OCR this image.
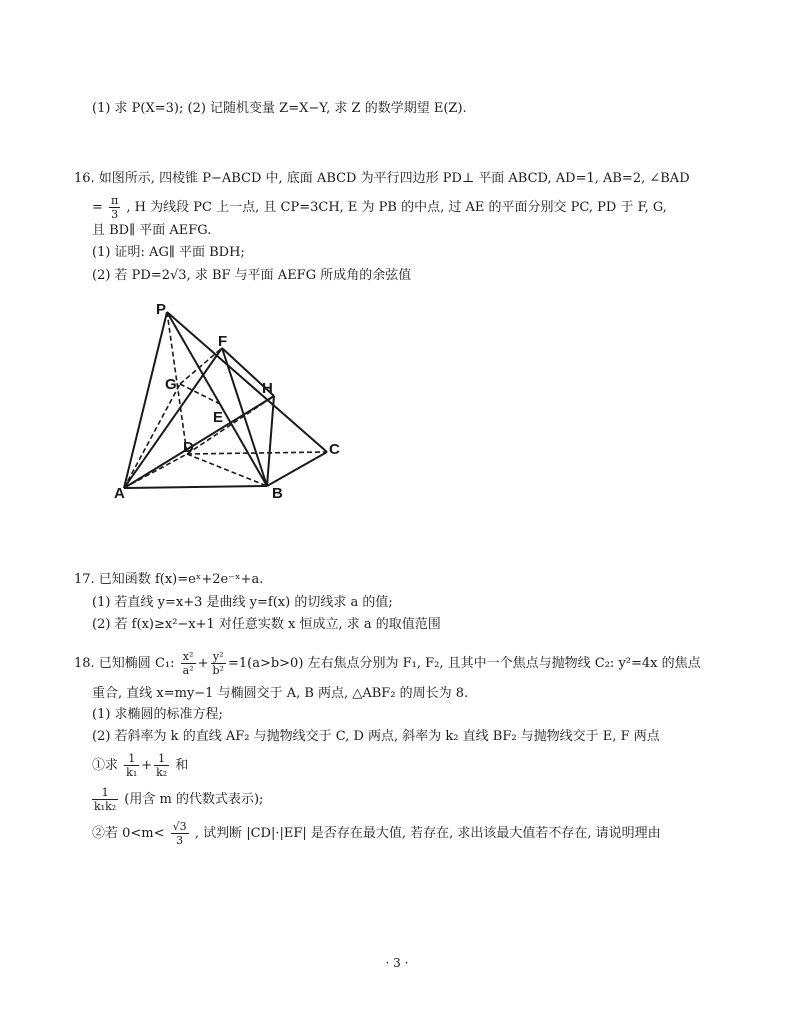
(1) 求 P(X=3); (2) 记随机变量 Z=X−Y, 求 Z 的数学期望 E(Z).
16. 如图所示, 四棱锥 P−ABCD 中, 底面 ABCD 为平行四边形 PD⊥ 平面 ABCD, AD=1, AB=2, ∠BAD
= $\frac{\pi}{3}$ , H 为线段 PC 上一点, 且 CP=3CH, E 为 PB 的中点, 过 AE 的平面分别交 PC, PD 于 F, G,
且 BD∥ 平面 AEFG.
(1) 证明: AG∥ 平面 BDH;
(2) 若 PD=2√3, 求 BF 与平面 AEFG 所成角的余弦值
P
F
G	H
E
D	C
A	B
17. 已知函数 f(x)=eˣ+2e⁻ˣ+a.
(1) 若直线 y=x+3 是曲线 y=f(x) 的切线求 a 的值;
(2) 若 f(x)≥x²−x+1 对任意实数 x 恒成立, 求 a 的取值范围
18. 已知椭圆 C₁: $\frac{\text{x²}}{\text{a²}} + \frac{\text{y²}}{\text{b²}} =1(a>b>0)$ 左右焦点分别为 F₁, F₂, 且其中一个焦点与抛物线 C₂: y²=4x 的焦点
重合, 直线 x=my−1 与椭圆交于 A, B 两点, △ABF₂ 的周长为 8.
(1) 求椭圆的标准方程;
(2) 若斜率为 k 的直线 AF₂ 与抛物线交于 C, D 两点, 斜率为 k₂ 直线 BF₂ 与抛物线交于 E, F 两点
①求 $\frac{1}{\text{k₁}} + \frac{1}{\text{k₂}}$ 和
$\frac{1}{\text{k₁k₂}}$ (用含 m 的代数式表示);
②若 $0<m< \frac{√3}{3}$ , 试判断 |CD|·|EF| 是否存在最大值, 若存在, 求出该最大值若不存在, 请说明理由
· 3 ·
